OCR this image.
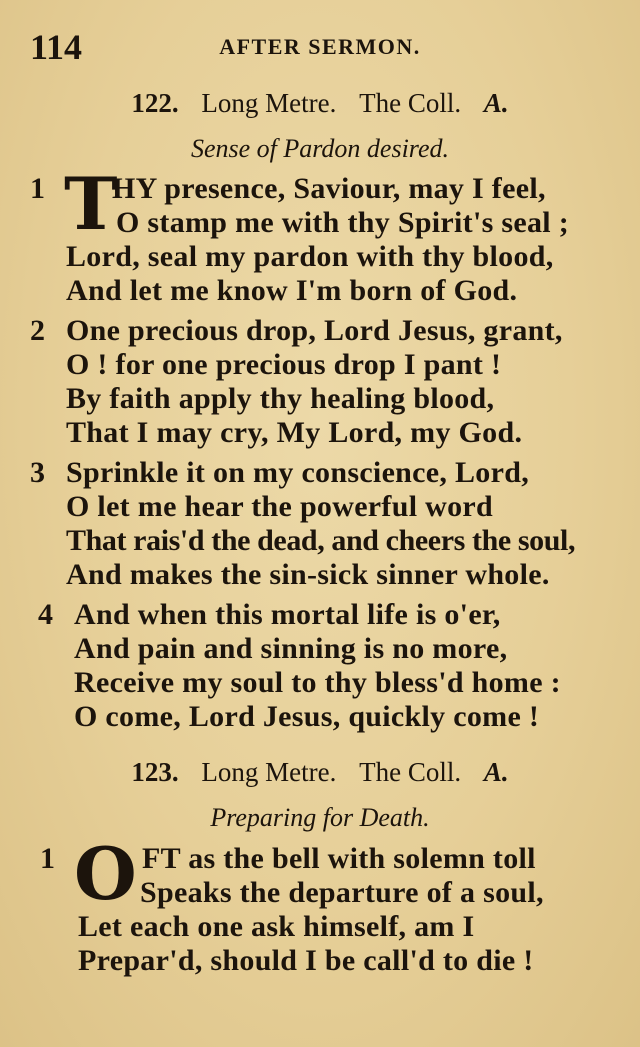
114	AFTER SERMON.
122. Long Metre. The Coll. A.
Sense of Pardon desired.
1 T
HY presence, Saviour, may I feel,
O stamp me with thy Spirit's seal ;
Lord, seal my pardon with thy blood,
And let me know I'm born of God.
2 One precious drop, Lord Jesus, grant,
O ! for one precious drop I pant !
By faith apply thy healing blood,
That I may cry, My Lord, my God.
3 Sprinkle it on my conscience, Lord,
O let me hear the powerful word
That rais'd the dead, and cheers the soul,
And makes the sin-sick sinner whole.
4 And when this mortal life is o'er,
And pain and sinning is no more,
Receive my soul to thy bless'd home :
O come, Lord Jesus, quickly come !
123. Long Metre. The Coll. A.
Preparing for Death.
1 O FT as the bell with solemn toll
Speaks the departure of a soul,
Let each one ask himself, am I
Prepar'd, should I be call'd to die !
